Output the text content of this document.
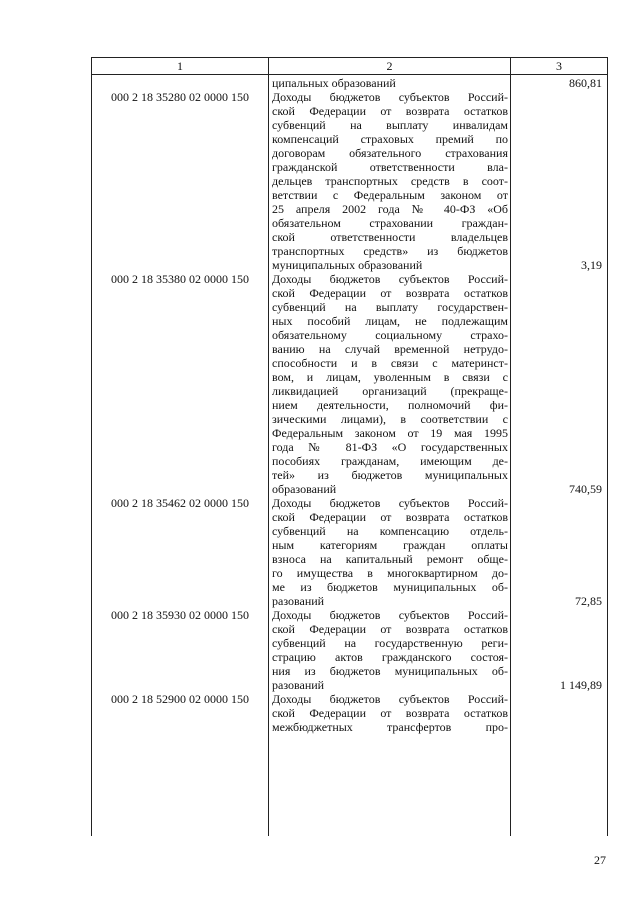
1	2	3
ципальных образований	860,81
000 2 18 35280 02 0000 150	Доходы бюджетов субъектов Россий-
ской Федерации от возврата остатков
субвенций на выплату инвалидам
компенсаций страховых премий по
договорам обязательного страхования
гражданской ответственности вла-
дельцев транспортных средств в соот-
ветствии с Федеральным законом от
25 апреля 2002 года № 40-ФЗ «Об
обязательном страховании граждан-
ской ответственности владельцев
транспортных средств» из бюджетов
муниципальных образований	3,19
000 2 18 35380 02 0000 150	Доходы бюджетов субъектов Россий-
ской Федерации от возврата остатков
субвенций на выплату государствен-
ных пособий лицам, не подлежащим
обязательному социальному страхо-
ванию на случай временной нетрудо-
способности и в связи с материнст-
вом, и лицам, уволенным в связи с
ликвидацией организаций (прекраще-
нием деятельности, полномочий фи-
зическими лицами), в соответствии с
Федеральным законом от 19 мая 1995
года № 81-ФЗ «О государственных
пособиях гражданам, имеющим де-
тей» из бюджетов муниципальных
образований	740,59
000 2 18 35462 02 0000 150	Доходы бюджетов субъектов Россий-
ской Федерации от возврата остатков
субвенций на компенсацию отдель-
ным категориям граждан оплаты
взноса на капитальный ремонт обще-
го имущества в многоквартирном до-
ме из бюджетов муниципальных об-
разований	72,85
000 2 18 35930 02 0000 150	Доходы бюджетов субъектов Россий-
ской Федерации от возврата остатков
субвенций на государственную реги-
страцию актов гражданского состоя-
ния из бюджетов муниципальных об-
разований	1 149,89
000 2 18 52900 02 0000 150	Доходы бюджетов субъектов Россий-
ской Федерации от возврата остатков
межбюджетных трансфертов про-
27
